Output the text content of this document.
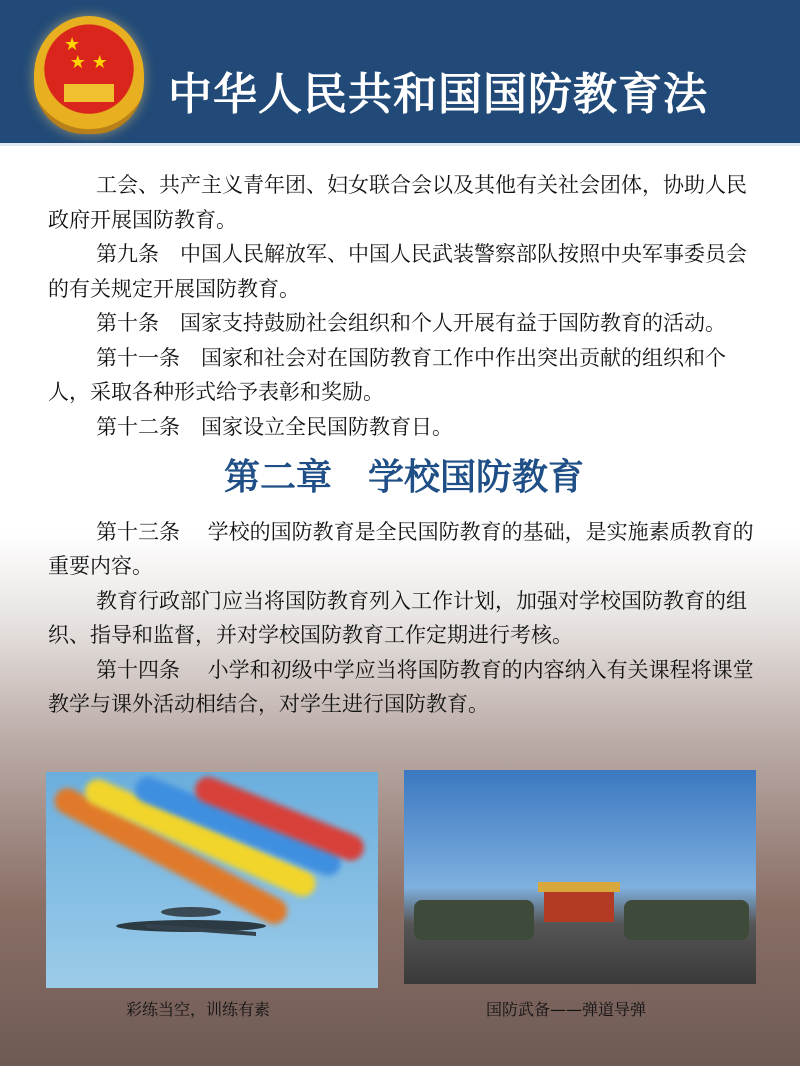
★
★ ★
中华人民共和国国防教育法

工会、共产主义青年团、妇女联合会以及其他有关社会团体，协助人民政府开展国防教育。

第九条　中国人民解放军、中国人民武装警察部队按照中央军事委员会的有关规定开展国防教育。

第十条　国家支持鼓励社会组织和个人开展有益于国防教育的活动。

第十一条　国家和社会对在国防教育工作中作出突出贡献的组织和个人，采取各种形式给予表彰和奖励。

第十二条　国家设立全民国防教育日。

第二章　学校国防教育

第十三条　 学校的国防教育是全民国防教育的基础，是实施素质教育的重要内容。

教育行政部门应当将国防教育列入工作计划，加强对学校国防教育的组织、指导和监督，并对学校国防教育工作定期进行考核。

第十四条　 小学和初级中学应当将国防教育的内容纳入有关课程将课堂教学与课外活动相结合，对学生进行国防教育。

彩练当空，训练有素	国防武备——弹道导弹
